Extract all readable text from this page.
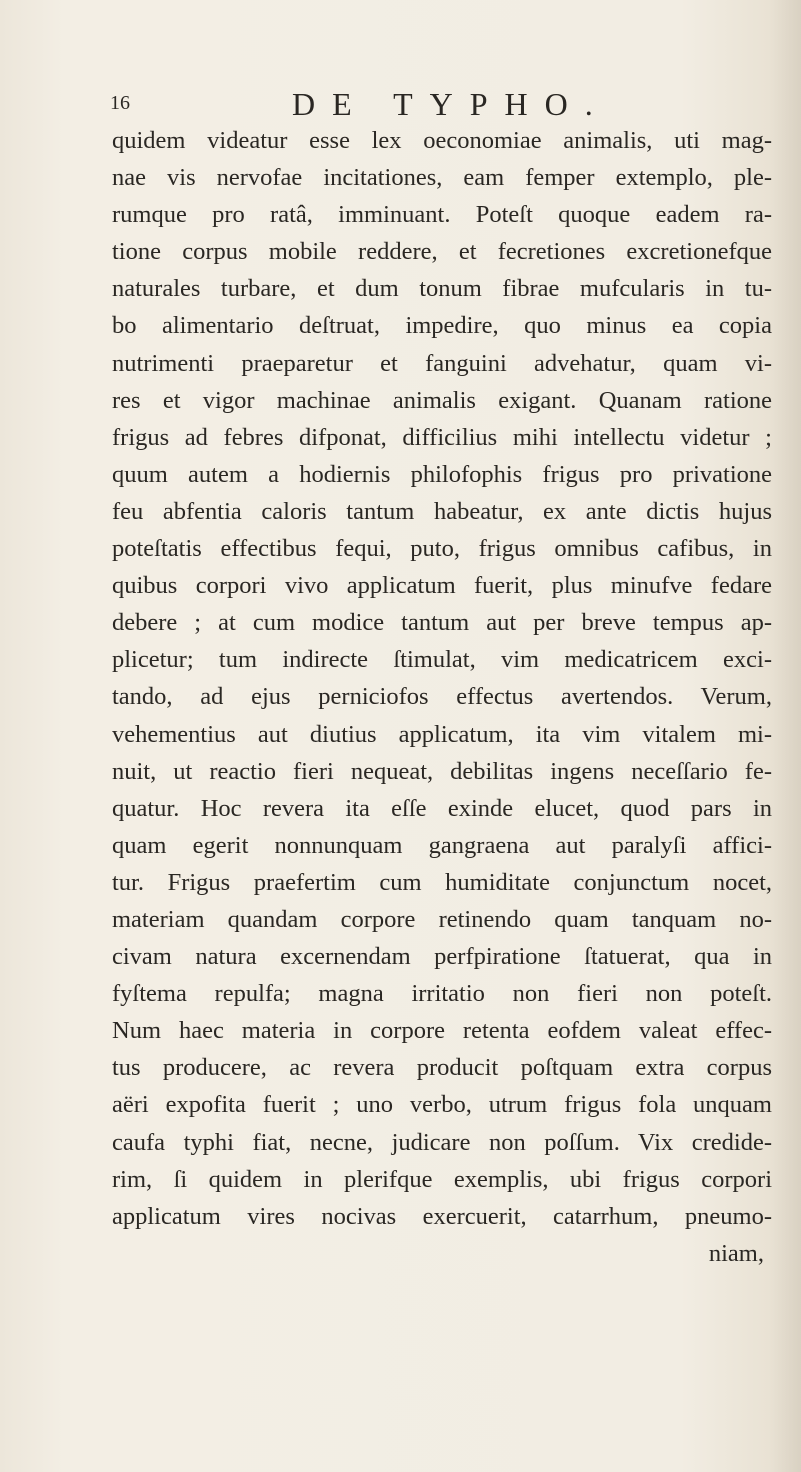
16	DE TYPHO.
quidem videatur esse lex oeconomiae animalis, uti mag-
nae vis nervofae incitationes, eam femper extemplo, ple-
rumque pro ratâ, imminuant. Poteſt quoque eadem ra-
tione corpus mobile reddere, et fecretiones excretionefque
naturales turbare, et dum tonum fibrae mufcularis in tu-
bo alimentario deſtruat, impedire, quo minus ea copia
nutrimenti praeparetur et fanguini advehatur, quam vi-
res et vigor machinae animalis exigant. Quanam ratione
frigus ad febres difponat, difficilius mihi intellectu videtur ;
quum autem a hodiernis philofophis frigus pro privatione
feu abfentia caloris tantum habeatur, ex ante dictis hujus
poteſtatis effectibus fequi, puto, frigus omnibus cafibus, in
quibus corpori vivo applicatum fuerit, plus minufve fedare
debere ; at cum modice tantum aut per breve tempus ap-
plicetur; tum indirecte ſtimulat, vim medicatricem exci-
tando, ad ejus perniciofos effectus avertendos. Verum,
vehementius aut diutius applicatum, ita vim vitalem mi-
nuit, ut reactio fieri nequeat, debilitas ingens neceſſario fe-
quatur. Hoc revera ita eſſe exinde elucet, quod pars in
quam egerit nonnunquam gangraena aut paralyſi affici-
tur. Frigus praefertim cum humiditate conjunctum nocet,
materiam quandam corpore retinendo quam tanquam no-
civam natura excernendam perfpiratione ſtatuerat, qua in
fyſtema repulfa; magna irritatio non fieri non poteſt.
Num haec materia in corpore retenta eofdem valeat effec-
tus producere, ac revera producit poſtquam extra corpus
aëri expofita fuerit ; uno verbo, utrum frigus fola unquam
caufa typhi fiat, necne, judicare non poſſum. Vix credide-
rim, ſi quidem in plerifque exemplis, ubi frigus corpori
applicatum vires nocivas exercuerit, catarrhum, pneumo-
niam,
